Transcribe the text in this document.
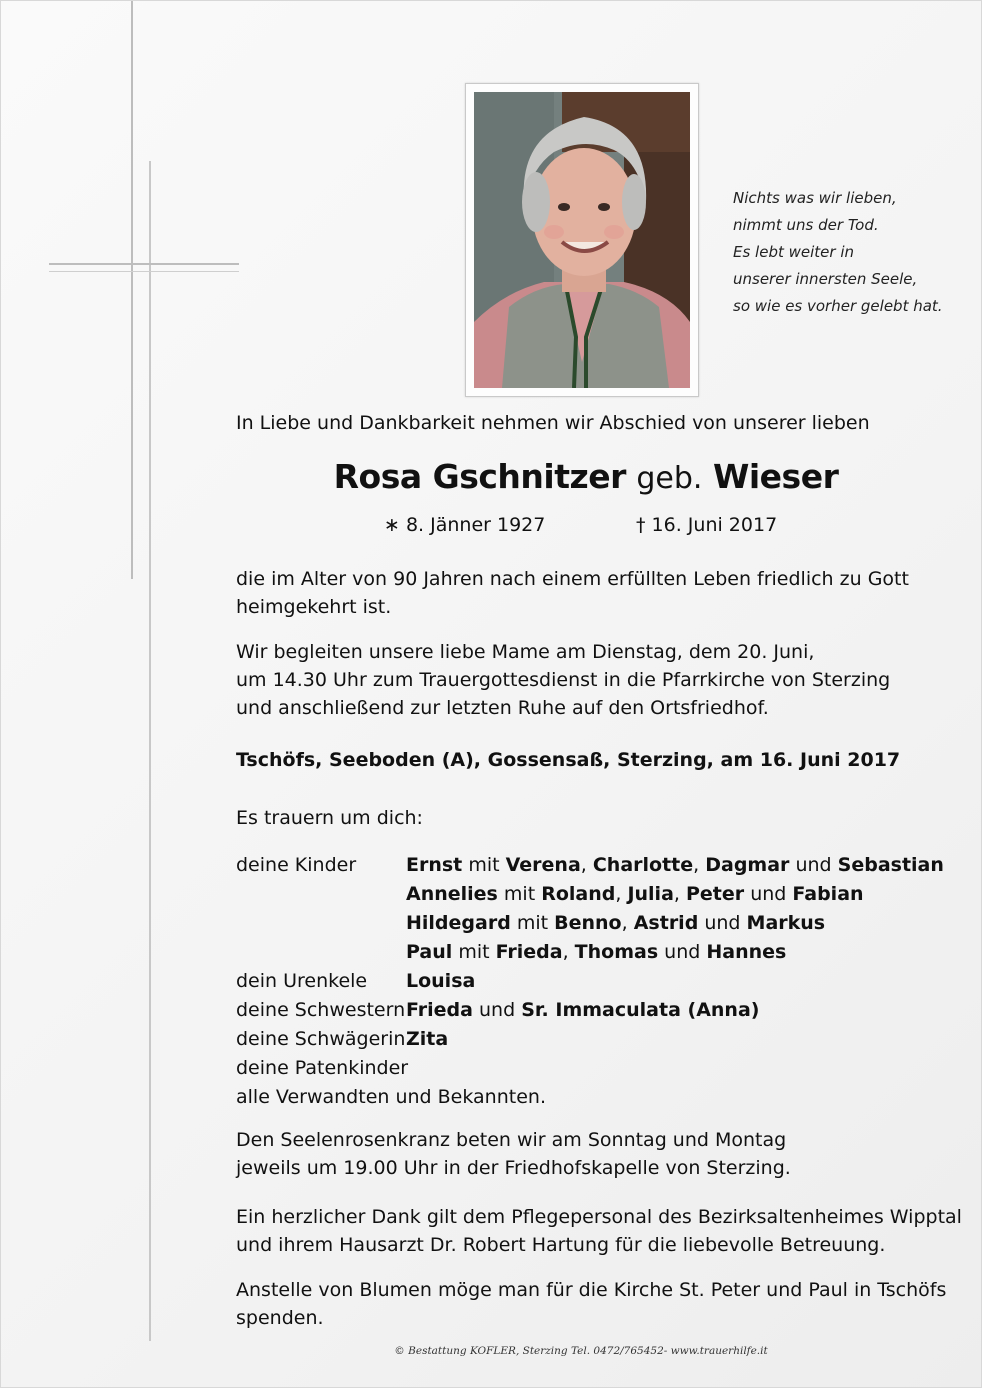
Nichts was wir lieben,
nimmt uns der Tod.
Es lebt weiter in
unserer innersten Seele,
so wie es vorher gelebt hat.
In Liebe und Dankbarkeit nehmen wir Abschied von unserer lieben
Rosa Gschnitzer geb. Wieser
∗ 8. Jänner 1927	† 16. Juni 2017
die im Alter von 90 Jahren nach einem erfüllten Leben friedlich zu Gott
heimgekehrt ist.
Wir begleiten unsere liebe Mame am Dienstag, dem 20. Juni,
um 14.30 Uhr zum Trauergottesdienst in die Pfarrkirche von Sterzing
und anschließend zur letzten Ruhe auf den Ortsfriedhof.
Tschöfs, Seeboden (A), Gossensaß, Sterzing, am 16. Juni 2017
Es trauern um dich:
deine Kinder	Ernst mit Verena, Charlotte, Dagmar und Sebastian
Annelies mit Roland, Julia, Peter und Fabian
Hildegard mit Benno, Astrid und Markus
Paul mit Frieda, Thomas und Hannes
dein Urenkele Louisa
deine Schwestern Frieda und Sr. Immaculata (Anna)
deine Schwägerin Zita
deine Patenkinder
alle Verwandten und Bekannten.
Den Seelenrosenkranz beten wir am Sonntag und Montag
jeweils um 19.00 Uhr in der Friedhofskapelle von Sterzing.
Ein herzlicher Dank gilt dem Pflegepersonal des Bezirksaltenheimes Wipptal
und ihrem Hausarzt Dr. Robert Hartung für die liebevolle Betreuung.
Anstelle von Blumen möge man für die Kirche St. Peter und Paul in Tschöfs
spenden.
© Bestattung KOFLER, Sterzing Tel. 0472/765452- www.trauerhilfe.it
